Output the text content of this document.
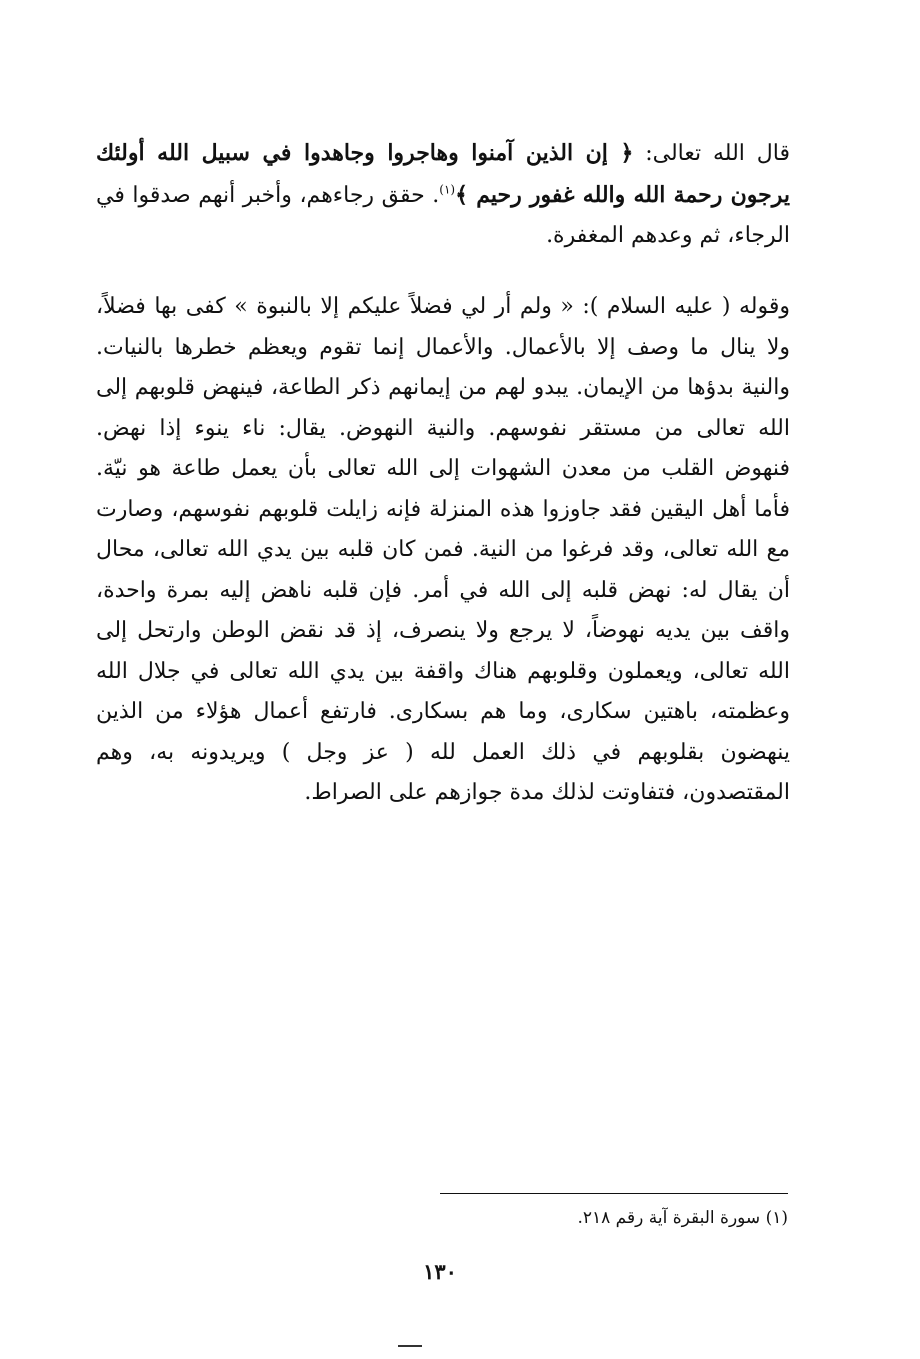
قال الله تعالى: ﴿ إن الذين آمنوا وهاجروا وجاهدوا في سبيل الله أولئك يرجون رحمة الله والله غفور رحيم ﴾$^{(١)}$. حقق رجاءهم، وأخبر أنهم صدقوا في الرجاء، ثم وعدهم المغفرة.

وقوله ( عليه السلام ): « ولم أر لي فضلاً عليكم إلا بالنبوة » كفى بها فضلاً، ولا ينال ما وصف إلا بالأعمال. والأعمال إنما تقوم ويعظم خطرها بالنيات. والنية بدؤها من الإيمان. يبدو لهم من إيمانهم ذكر الطاعة، فينهض قلوبهم إلى الله تعالى من مستقر نفوسهم. والنية النهوض. يقال: ناء ينوء إذا نهض. فنهوض القلب من معدن الشهوات إلى الله تعالى بأن يعمل طاعة هو نيّة. فأما أهل اليقين فقد جاوزوا هذه المنزلة فإنه زايلت قلوبهم نفوسهم، وصارت مع الله تعالى، وقد فرغوا من النية. فمن كان قلبه بين يدي الله تعالى، محال أن يقال له: نهض قلبه إلى الله في أمر. فإن قلبه ناهض إليه بمرة واحدة، واقف بين يديه نهوضاً، لا يرجع ولا ينصرف، إذ قد نقض الوطن وارتحل إلى الله تعالى، ويعملون وقلوبهم هناك واقفة بين يدي الله تعالى في جلال الله وعظمته، باهتين سكارى، وما هم بسكارى. فارتفع أعمال هؤلاء من الذين ينهضون بقلوبهم في ذلك العمل لله ( عز وجل ) ويريدونه به، وهم المقتصدون، فتفاوتت لذلك مدة جوازهم على الصراط.

(١) سورة البقرة آية رقم ٢١٨.
١٣٠
